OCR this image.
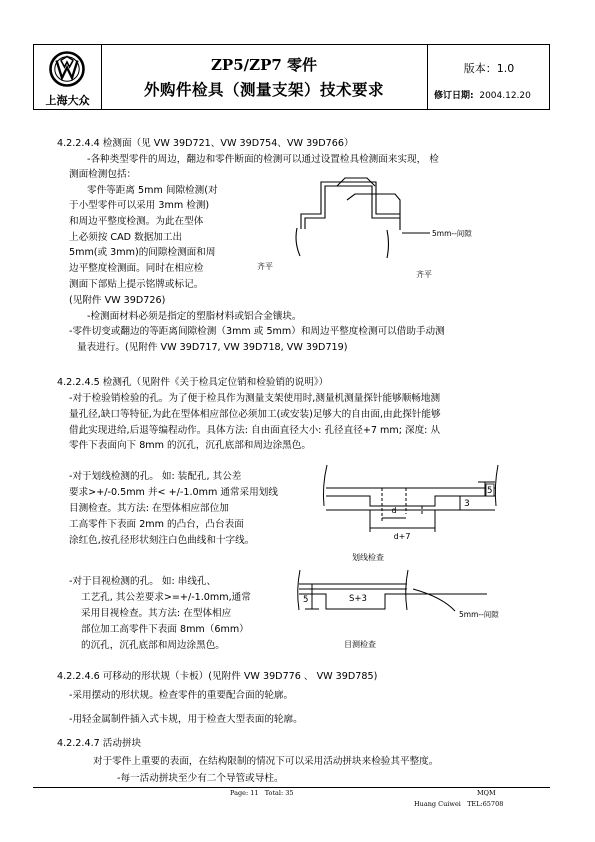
上海大众
ZP5/ZP7 零件
外购件检具（测量支架）技术要求
版本：1.0
修订日期: 2004.12.20
4.2.2.4.4 检测面（见 VW 39D721、VW 39D754、VW 39D766）
-各种类型零件的周边，翻边和零件断面的检测可以通过设置检具检测面来实现， 检
测面检测包括：
零件等距离 5mm 间隙检测(对
于小型零件可以采用 3mm 检测)
和周边平整度检测。为此在型体
上必须按 CAD 数据加工出
5mm(或 3mm)的间隙检测面和周
边平整度检测面。同时在相应检
测面下部贴上提示铭牌或标记。
(见附件 VW 39D726)
-检测面材料必须是指定的塑脂材料或铝合金镶块。
-零件切变或翻边的等距离间隙检测（3mm 或 5mm）和周边平整度检测可以借助手动测
量表进行。(见附件 VW 39D717, VW 39D718, VW 39D719)
5mm--间隙
齐平
齐平
4.2.2.4.5 检测孔（见附件《关于检具定位销和检验销的说明》）
-对于检验销检验的孔。为了便于检具作为测量支架使用时,测量机测量探针能够顺畅地测
量孔径,缺口等特征,为此在型体相应部位必须加工(或安装)足够大的自由面,由此探针能够
借此实现进给,后退等编程动作。具体方法: 自由面直径大小: 孔径直径+7 mm; 深度: 从
零件下表面向下 8mm 的沉孔，沉孔底部和周边涂黑色。
-对于划线检测的孔。 如: 装配孔, 其公差
要求>+/-0.5mm 并< +/-1.0mm 通常采用划线
目测检查。其方法: 在型体相应部位加
工高零件下表面 2mm 的凸台，凸台表面
涂红色,按孔径形状刻注白色曲线和十字线。
d
d+7
3
5
划线检查
-对于目视检测的孔。 如: 串线孔、
工艺孔, 其公差要求>=+/-1.0mm,通常
采用目视检查。其方法: 在型体相应
部位加工高零件下表面 8mm（6mm）
的沉孔，沉孔底部和周边涂黑色。
5	S+3
5mm--间隙
目测检查
4.2.2.4.6 可移动的形状规（卡板）(见附件 VW 39D776 、 VW 39D785)
-采用摆动的形状规。检查零件的重要配合面的轮廓。
-用轻金属制件插入式卡规，用于检查大型表面的轮廓。
4.2.2.4.7 活动拼块
对于零件上重要的表面，在结构限制的情况下可以采用活动拼块来检验其平整度。
-每一活动拼块至少有二个导管或导柱。
Page: 11 Total: 35	MQM
Huang Cuiwei TEL:65708
